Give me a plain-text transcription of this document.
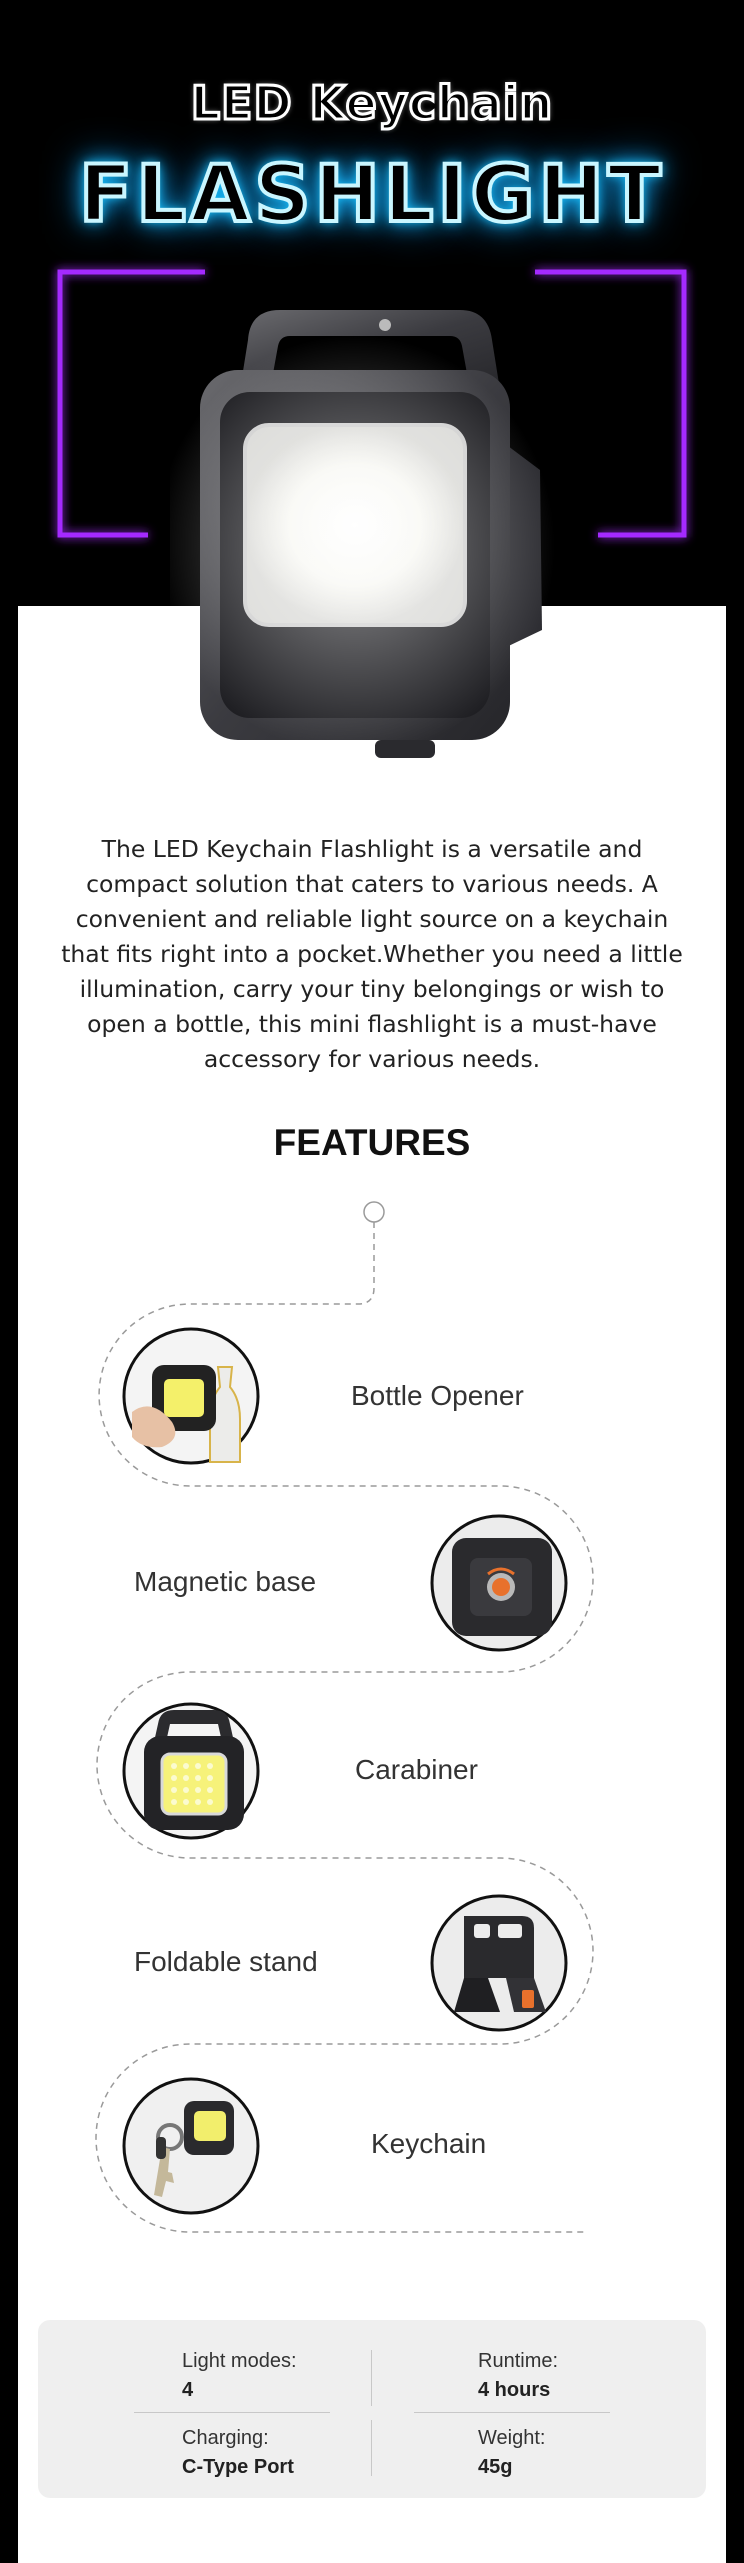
LED Keychain
FLASHLIGHT
The LED Keychain Flashlight is a versatile and compact solution that caters to various needs. A convenient and reliable light source on a keychain that fits right into a pocket.Whether you need a little illumination, carry your tiny belongings or wish to open a bottle, this mini flashlight is a must-have accessory for various needs.
FEATURES
Bottle Opener
Magnetic base
Carabiner
Foldable stand
Keychain
Light modes:
4
Runtime:
4 hours
Charging:
C-Type Port
Weight:
45g
